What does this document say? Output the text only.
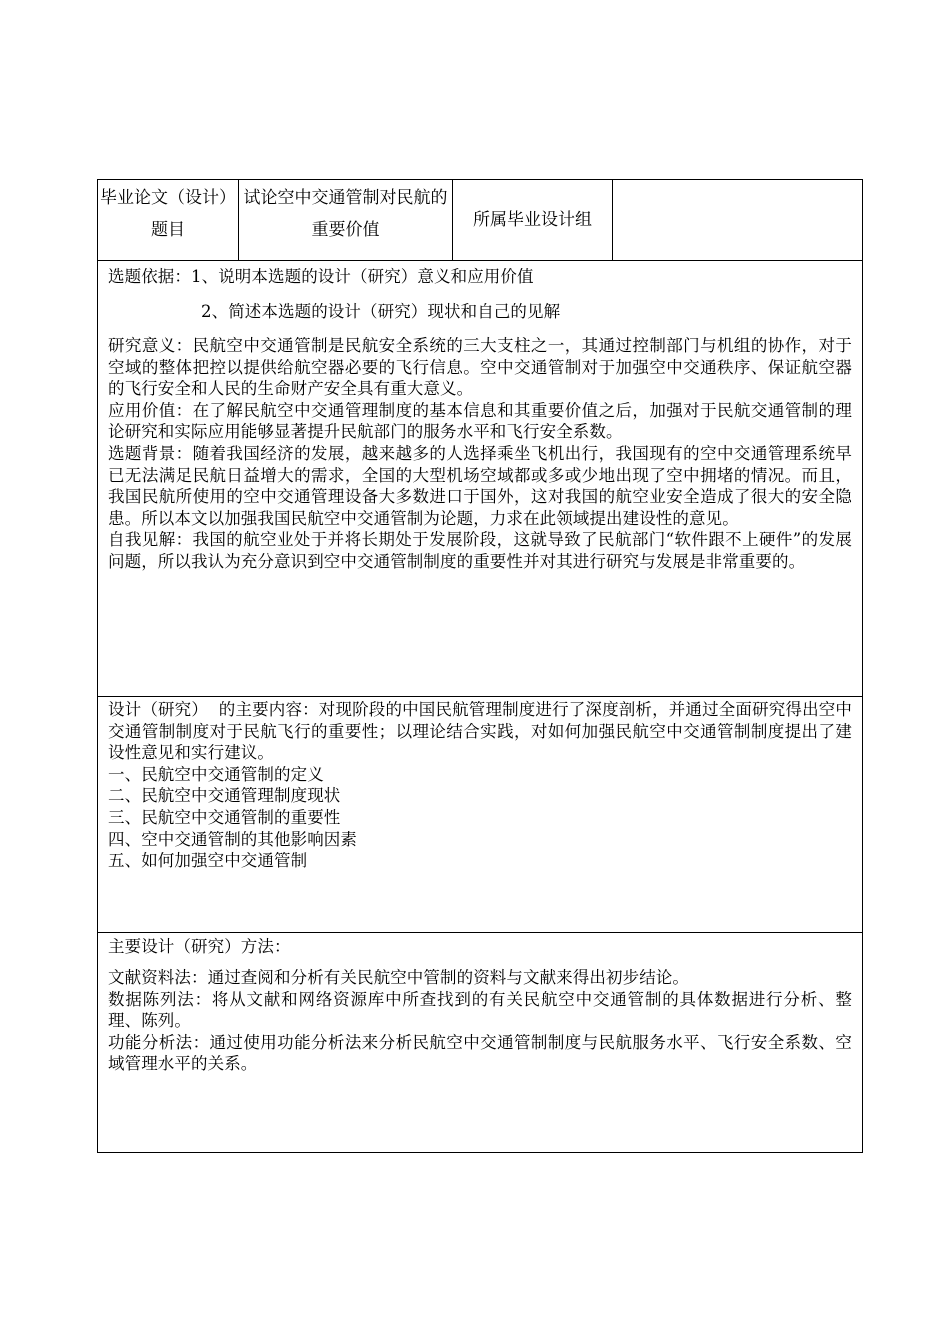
毕业论文（设计）题目	试论空中交通管制对民航的重要价值	所属毕业设计组	

选题依据：1、说明本选题的设计（研究）意义和应用价值

2、简述本选题的设计（研究）现状和自己的见解

研究意义：民航空中交通管制是民航安全系统的三大支柱之一，其通过控制部门与机组的协作，对于空域的整体把控以提供给航空器必要的飞行信息。空中交通管制对于加强空中交通秩序、保证航空器的飞行安全和人民的生命财产安全具有重大意义。

应用价值：在了解民航空中交通管理制度的基本信息和其重要价值之后，加强对于民航交通管制的理论研究和实际应用能够显著提升民航部门的服务水平和飞行安全系数。

选题背景：随着我国经济的发展，越来越多的人选择乘坐飞机出行，我国现有的空中交通管理系统早已无法满足民航日益增大的需求，全国的大型机场空域都或多或少地出现了空中拥堵的情况。而且，我国民航所使用的空中交通管理设备大多数进口于国外，这对我国的航空业安全造成了很大的安全隐患。所以本文以加强我国民航空中交通管制为论题，力求在此领域提出建设性的意见。

自我见解：我国的航空业处于并将长期处于发展阶段，这就导致了民航部门“软件跟不上硬件”的发展问题，所以我认为充分意识到空中交通管制制度的重要性并对其进行研究与发展是非常重要的。

设计（研究）  的主要内容：对现阶段的中国民航管理制度进行了深度剖析，并通过全面研究得出空中交通管制制度对于民航飞行的重要性；以理论结合实践，对如何加强民航空中交通管制制度提出了建设性意见和实行建议。

一、民航空中交通管制的定义

二、民航空中交通管理制度现状

三、民航空中交通管制的重要性

四、空中交通管制的其他影响因素

五、如何加强空中交通管制

主要设计（研究）方法：

文献资料法：通过查阅和分析有关民航空中管制的资料与文献来得出初步结论。

数据陈列法：将从文献和网络资源库中所查找到的有关民航空中交通管制的具体数据进行分析、整理、陈列。

功能分析法：通过使用功能分析法来分析民航空中交通管制制度与民航服务水平、飞行安全系数、空域管理水平的关系。
